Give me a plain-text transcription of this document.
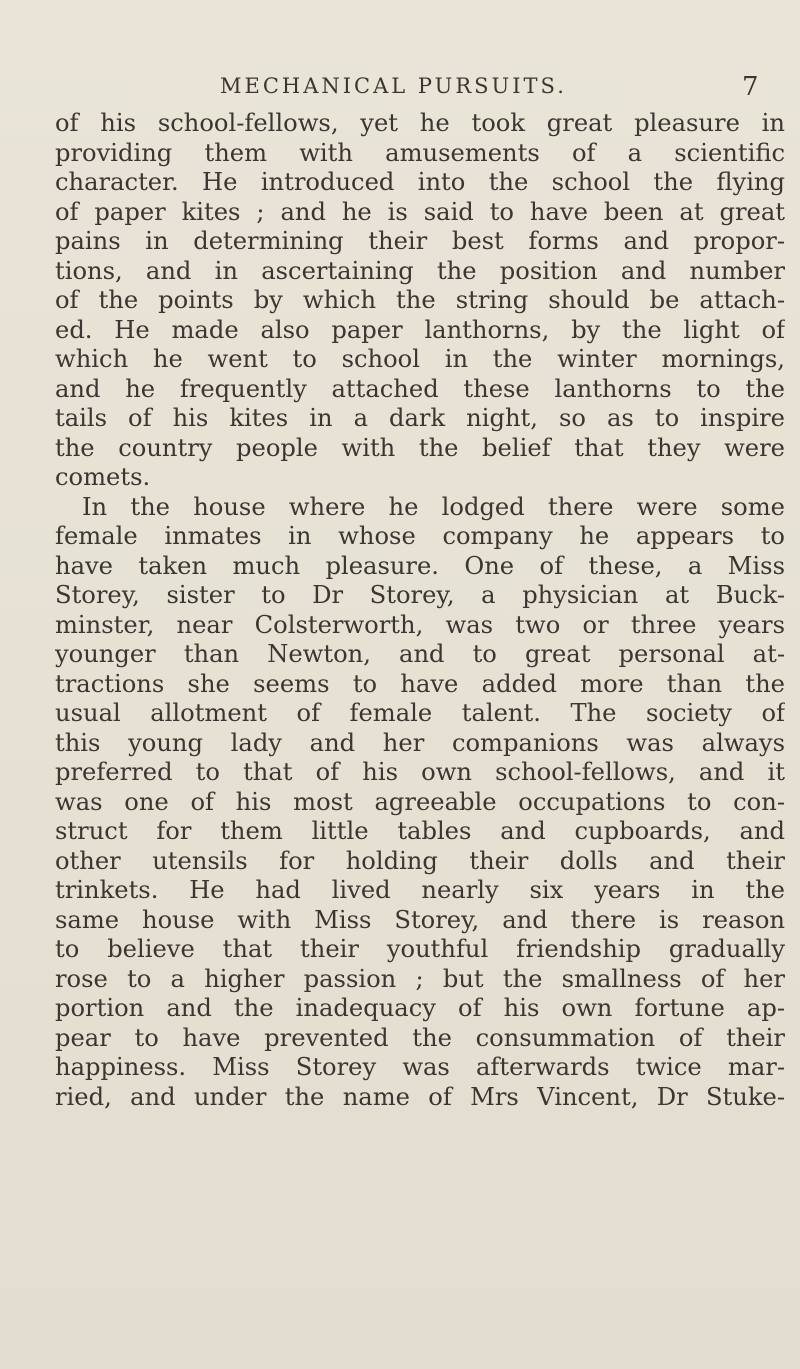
MECHANICAL PURSUITS.	7
of his school-fellows, yet he took great pleasure in
providing them with amusements of a scientific
character. He introduced into the school the flying
of paper kites ; and he is said to have been at great
pains in determining their best forms and propor-
tions, and in ascertaining the position and number
of the points by which the string should be attach-
ed. He made also paper lanthorns, by the light of
which he went to school in the winter mornings,
and he frequently attached these lanthorns to the
tails of his kites in a dark night, so as to inspire
the country people with the belief that they were
comets.
In the house where he lodged there were some
female inmates in whose company he appears to
have taken much pleasure. One of these, a Miss
Storey, sister to Dr Storey, a physician at Buck-
minster, near Colsterworth, was two or three years
younger than Newton, and to great personal at-
tractions she seems to have added more than the
usual allotment of female talent. The society of
this young lady and her companions was always
preferred to that of his own school-fellows, and it
was one of his most agreeable occupations to con-
struct for them little tables and cupboards, and
other utensils for holding their dolls and their
trinkets. He had lived nearly six years in the
same house with Miss Storey, and there is reason
to believe that their youthful friendship gradually
rose to a higher passion ; but the smallness of her
portion and the inadequacy of his own fortune ap-
pear to have prevented the consummation of their
happiness. Miss Storey was afterwards twice mar-
ried, and under the name of Mrs Vincent, Dr Stuke-
